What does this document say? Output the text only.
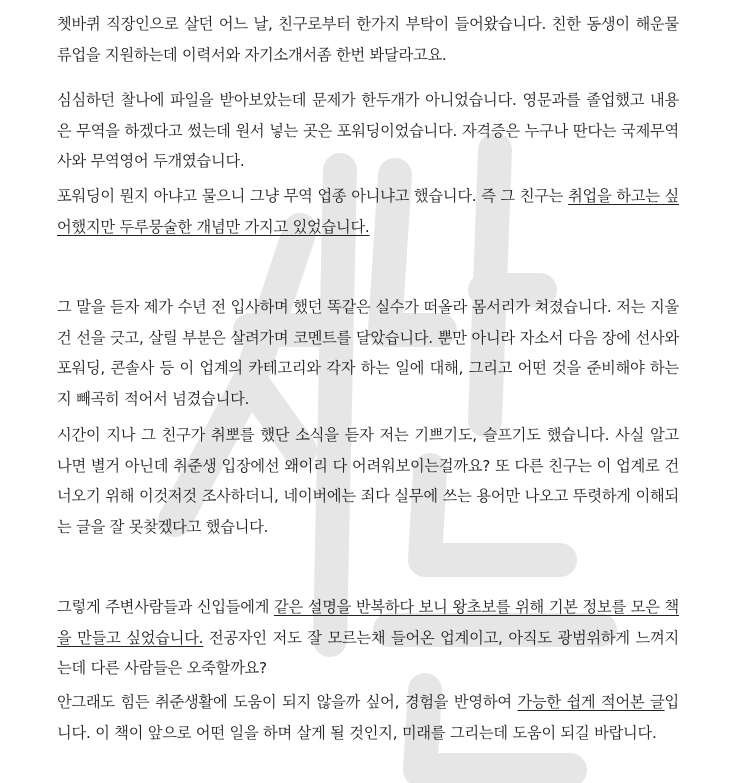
쳇바퀴 직장인으로 살던 어느 날, 친구로부터 한가지 부탁이 들어왔습니다. 친한 동생이 해운물류업을 지원하는데 이력서와 자기소개서좀 한번 봐달라고요.

심심하던 찰나에 파일을 받아보았는데 문제가 한두개가 아니었습니다. 영문과를 졸업했고 내용은 무역을 하겠다고 썼는데 원서 넣는 곳은 포워딩이었습니다. 자격증은 누구나 딴다는 국제무역사와 무역영어 두개였습니다.

포워딩이 뭔지 아냐고 물으니 그냥 무역 업종 아니냐고 했습니다. 즉 그 친구는 취업을 하고는 싶어했지만 두루뭉술한 개념만 가지고 있었습니다.

그 말을 듣자 제가 수년 전 입사하며 했던 똑같은 실수가 떠올라 몸서리가 쳐졌습니다. 저는 지울건 선을 긋고, 살릴 부분은 살려가며 코멘트를 달았습니다. 뿐만 아니라 자소서 다음 장에 선사와 포워딩, 콘솔사 등 이 업계의 카테고리와 각자 하는 일에 대해, 그리고 어떤 것을 준비해야 하는지 빼곡히 적어서 넘겼습니다.

시간이 지나 그 친구가 취뽀를 했단 소식을 듣자 저는 기쁘기도, 슬프기도 했습니다. 사실 알고 나면 별거 아닌데 취준생 입장에선 왜이리 다 어려워보이는걸까요? 또 다른 친구는 이 업계로 건너오기 위해 이것저것 조사하더니, 네이버에는 죄다 실무에 쓰는 용어만 나오고 뚜렷하게 이해되는 글을 잘 못찾겠다고 했습니다.

그렇게 주변사람들과 신입들에게 같은 설명을 반복하다 보니 왕초보를 위해 기본 정보를 모은 책을 만들고 싶었습니다. 전공자인 저도 잘 모르는채 들어온 업계이고, 아직도 광범위하게 느껴지는데 다른 사람들은 오죽할까요?

안그래도 힘든 취준생활에 도움이 되지 않을까 싶어, 경험을 반영하여 가능한 쉽게 적어본 글입니다. 이 책이 앞으로 어떤 일을 하며 살게 될 것인지, 미래를 그리는데 도움이 되길 바랍니다.
